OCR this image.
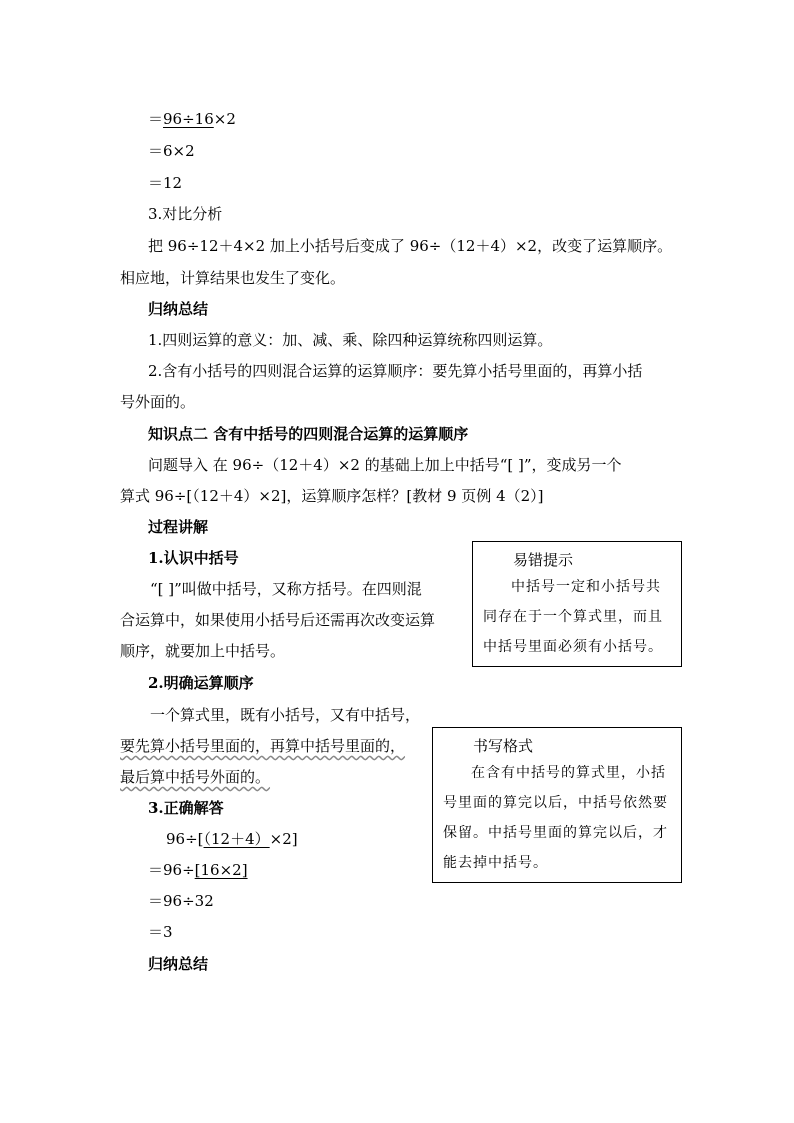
＝96÷16×2
＝6×2
＝12
3.对比分析
把 96÷12＋4×2 加上小括号后变成了 96÷（12＋4）×2，改变了运算顺序。
相应地，计算结果也发生了变化。
归纳总结
1.四则运算的意义：加、减、乘、除四种运算统称四则运算。
2.含有小括号的四则混合运算的运算顺序：要先算小括号里面的，再算小括
号外面的。
知识点二 含有中括号的四则混合运算的运算顺序
问题导入 在 96÷（12＋4）×2 的基础上加上中括号“[ ]”，变成另一个
算式 96÷[（12＋4）×2]，运算顺序怎样？[教材 9 页例 4（2）]
过程讲解
1.认识中括号
“[ ]”叫做中括号，又称方括号。在四则混
合运算中，如果使用小括号后还需再次改变运算
顺序，就要加上中括号。
易错提示
中括号一定和小括号共同存在于一个算式里，而且中括号里面必须有小括号。
2.明确运算顺序
一个算式里，既有小括号，又有中括号，
要先算小括号里面的，再算中括号里面的，
最后算中括号外面的。
书写格式
在含有中括号的算式里，小括号里面的算完以后，中括号依然要保留。中括号里面的算完以后，才能去掉中括号。
3.正确解答
96÷[（12＋4）×2]
＝96÷[16×2]
＝96÷32
＝3
归纳总结
